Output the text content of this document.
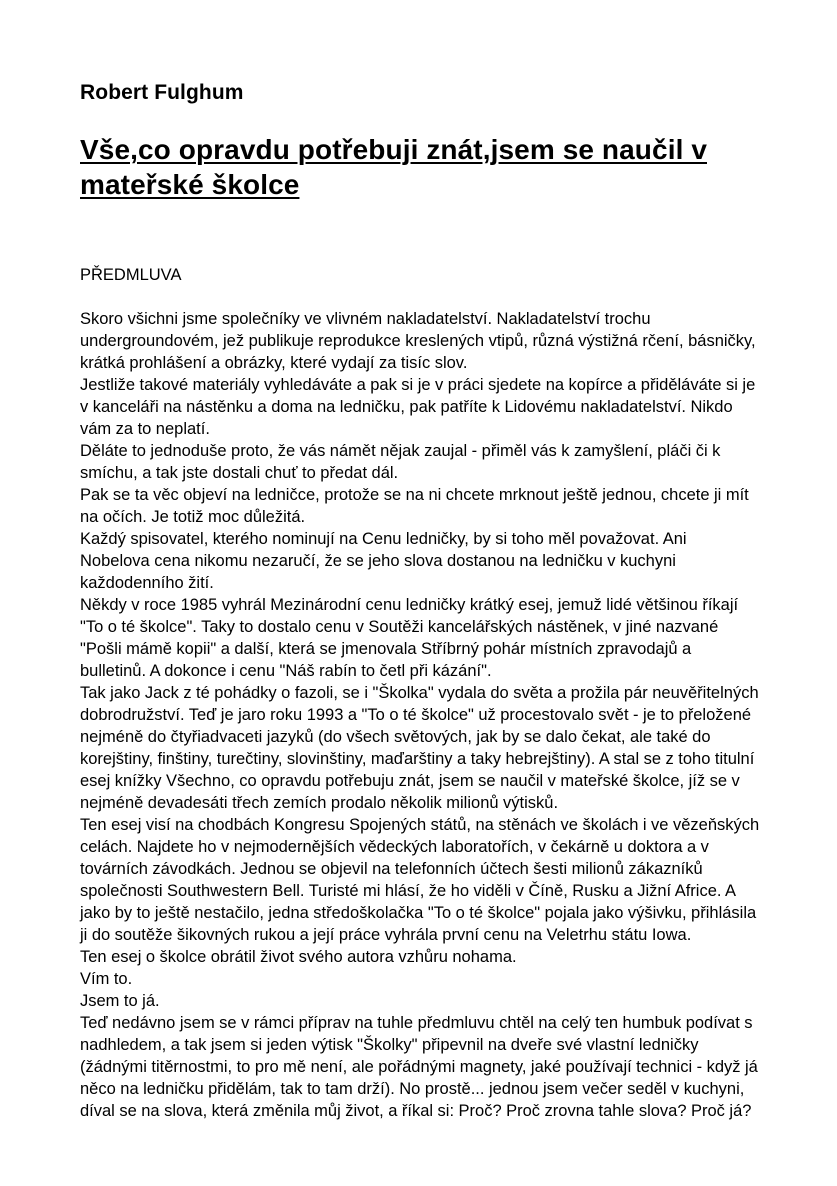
Robert Fulghum
Vše,co opravdu potřebuji znát,jsem se naučil v mateřské školce
PŘEDMLUVA

Skoro všichni jsme společníky ve vlivném nakladatelství. Nakladatelství trochu undergroundovém, jež publikuje reprodukce kreslených vtipů, různá výstižná rčení, básničky, krátká prohlášení a obrázky, které vydají za tisíc slov.

Jestliže takové materiály vyhledáváte a pak si je v práci sjedete na kopírce a přiděláváte si je v kanceláři na nástěnku a doma na ledničku, pak patříte k Lidovému nakladatelství. Nikdo vám za to neplatí.

Děláte to jednoduše proto, že vás námět nějak zaujal - přiměl vás k zamyšlení, pláči či k smíchu, a tak jste dostali chuť to předat dál.

Pak se ta věc objeví na ledničce, protože se na ni chcete mrknout ještě jednou, chcete ji mít na očích. Je totiž moc důležitá.

Každý spisovatel, kterého nominují na Cenu ledničky, by si toho měl považovat. Ani Nobelova cena nikomu nezaručí, že se jeho slova dostanou na ledničku v kuchyni každodenního žití.

Někdy v roce 1985 vyhrál Mezinárodní cenu ledničky krátký esej, jemuž lidé většinou říkají "To o té školce". Taky to dostalo cenu v Soutěži kancelářských nástěnek, v jiné nazvané "Pošli mámě kopii" a další, která se jmenovala Stříbrný pohár místních zpravodajů a bulletinů. A dokonce i cenu "Náš rabín to četl při kázání".

Tak jako Jack z té pohádky o fazoli, se i "Školka" vydala do světa a prožila pár neuvěřitelných dobrodružství. Teď je jaro roku 1993 a "To o té školce" už procestovalo svět - je to přeložené nejméně do čtyřiadvaceti jazyků (do všech světových, jak by se dalo čekat, ale také do korejštiny, finštiny, turečtiny, slovinštiny, maďarštiny a taky hebrejštiny). A stal se z toho titulní esej knížky Všechno, co opravdu potřebuju znát, jsem se naučil v mateřské školce, jíž se v nejméně devadesáti třech zemích prodalo několik milionů výtisků.

Ten esej visí na chodbách Kongresu Spojených států, na stěnách ve školách i ve vězeňských celách. Najdete ho v nejmodernějších vědeckých laboratořích, v čekárně u doktora a v továrních závodkách. Jednou se objevil na telefonních účtech šesti milionů zákazníků společnosti Southwestern Bell. Turisté mi hlásí, že ho viděli v Číně, Rusku a Jižní Africe. A jako by to ještě nestačilo, jedna středoškolačka "To o té školce" pojala jako výšivku, přihlásila ji do soutěže šikovných rukou a její práce vyhrála první cenu na Veletrhu státu Iowa.

Ten esej o školce obrátil život svého autora vzhůru nohama.

Vím to.

Jsem to já.

Teď nedávno jsem se v rámci příprav na tuhle předmluvu chtěl na celý ten humbuk podívat s nadhledem, a tak jsem si jeden výtisk "Školky" připevnil na dveře své vlastní ledničky (žádnými titěrnostmi, to pro mě není, ale pořádnými magnety, jaké používají technici - když já něco na ledničku přidělám, tak to tam drží). No prostě... jednou jsem večer seděl v kuchyni, díval se na slova, která změnila můj život, a říkal si: Proč? Proč zrovna tahle slova? Proč já?
